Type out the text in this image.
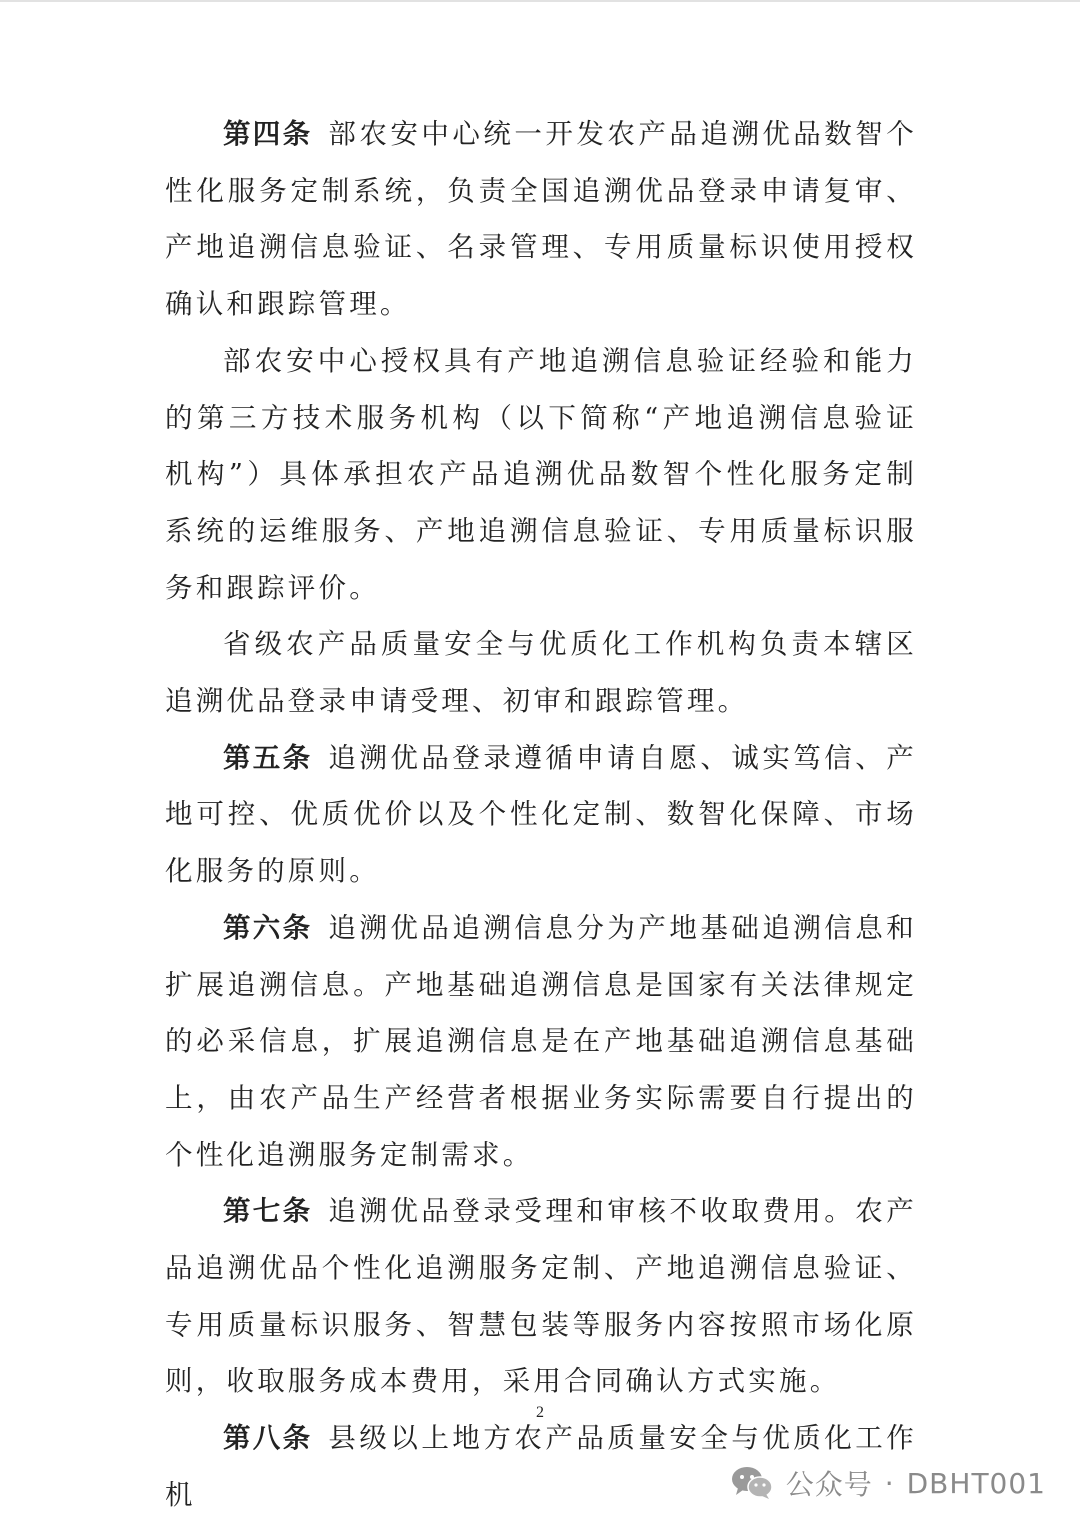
第四条 部农安中心统一开发农产品追溯优品数智个性化服务定制系统，负责全国追溯优品登录申请复审、产地追溯信息验证、名录管理、专用质量标识使用授权确认和跟踪管理。

部农安中心授权具有产地追溯信息验证经验和能力的第三方技术服务机构（以下简称“产地追溯信息验证机构”）具体承担农产品追溯优品数智个性化服务定制系统的运维服务、产地追溯信息验证、专用质量标识服务和跟踪评价。

省级农产品质量安全与优质化工作机构负责本辖区追溯优品登录申请受理、初审和跟踪管理。

第五条 追溯优品登录遵循申请自愿、诚实笃信、产地可控、优质优价以及个性化定制、数智化保障、市场化服务的原则。

第六条 追溯优品追溯信息分为产地基础追溯信息和扩展追溯信息。产地基础追溯信息是国家有关法律规定的必采信息，扩展追溯信息是在产地基础追溯信息基础上，由农产品生产经营者根据业务实际需要自行提出的个性化追溯服务定制需求。

第七条 追溯优品登录受理和审核不收取费用。农产品追溯优品个性化追溯服务定制、产地追溯信息验证、专用质量标识服务、智慧包装等服务内容按照市场化原则，收取服务成本费用，采用合同确认方式实施。

第八条 县级以上地方农产品质量安全与优质化工作机

2
公众号 · DBHT001
